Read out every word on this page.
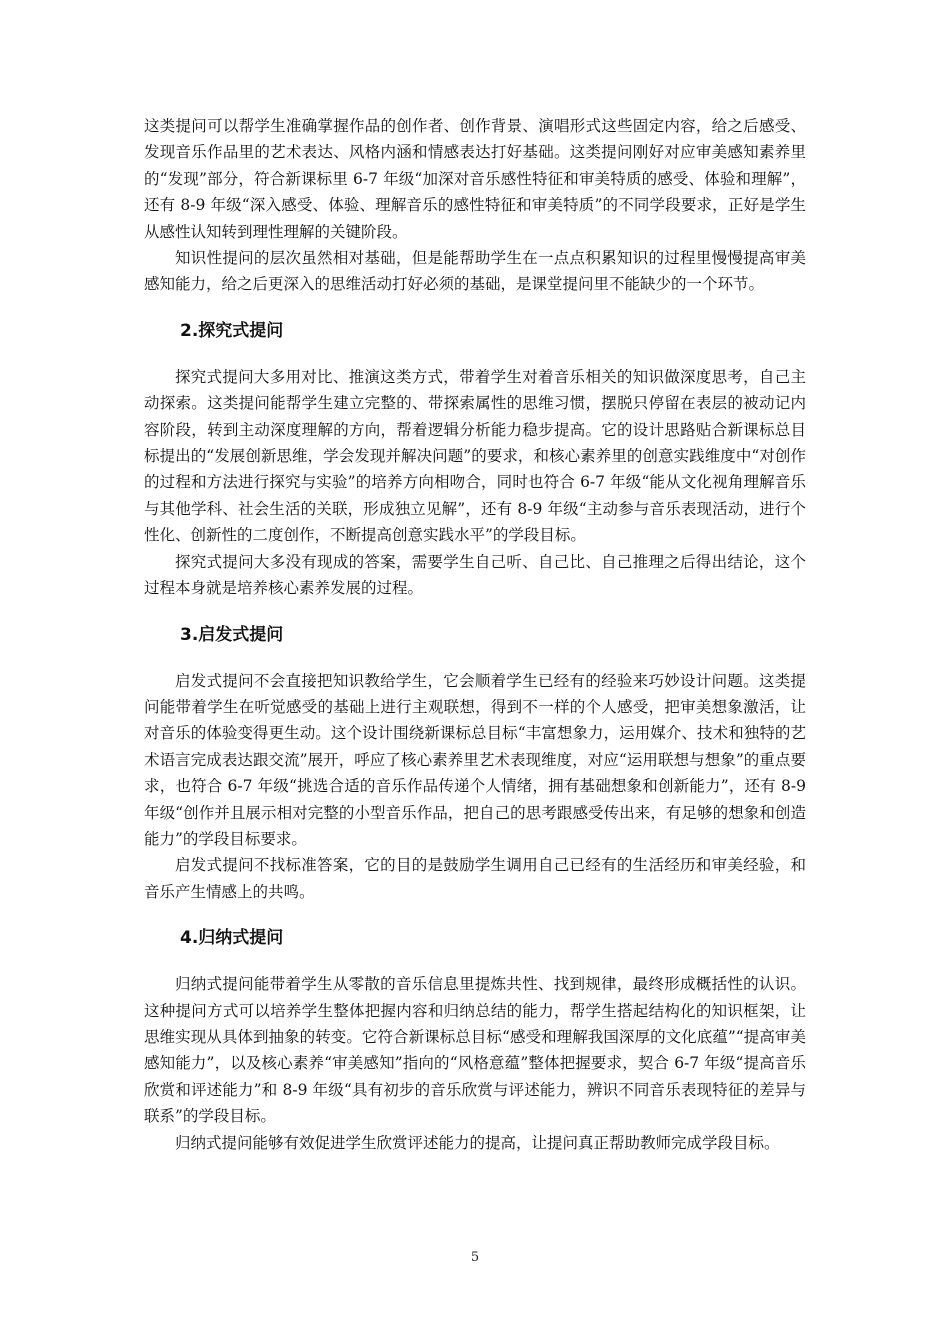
这类提问可以帮学生准确掌握作品的创作者、创作背景、演唱形式这些固定内容，给之后感受、发现音乐作品里的艺术表达、风格内涵和情感表达打好基础。这类提问刚好对应审美感知素养里的“发现”部分，符合新课标里 6-7 年级“加深对音乐感性特征和审美特质的感受、体验和理解”，还有 8-9 年级“深入感受、体验、理解音乐的感性特征和审美特质”的不同学段要求，正好是学生从感性认知转到理性理解的关键阶段。

知识性提问的层次虽然相对基础，但是能帮助学生在一点点积累知识的过程里慢慢提高审美感知能力，给之后更深入的思维活动打好必须的基础，是课堂提问里不能缺少的一个环节。

2.探究式提问

探究式提问大多用对比、推演这类方式，带着学生对着音乐相关的知识做深度思考，自己主动探索。这类提问能帮学生建立完整的、带探索属性的思维习惯，摆脱只停留在表层的被动记内容阶段，转到主动深度理解的方向，帮着逻辑分析能力稳步提高。它的设计思路贴合新课标总目标提出的“发展创新思维，学会发现并解决问题”的要求，和核心素养里的创意实践维度中“对创作的过程和方法进行探究与实验”的培养方向相吻合，同时也符合 6-7 年级“能从文化视角理解音乐与其他学科、社会生活的关联，形成独立见解”，还有 8-9 年级“主动参与音乐表现活动，进行个性化、创新性的二度创作，不断提高创意实践水平”的学段目标。

探究式提问大多没有现成的答案，需要学生自己听、自己比、自己推理之后得出结论，这个过程本身就是培养核心素养发展的过程。

3.启发式提问

启发式提问不会直接把知识教给学生，它会顺着学生已经有的经验来巧妙设计问题。这类提问能带着学生在听觉感受的基础上进行主观联想，得到不一样的个人感受，把审美想象激活，让对音乐的体验变得更生动。这个设计围绕新课标总目标“丰富想象力，运用媒介、技术和独特的艺术语言完成表达跟交流”展开，呼应了核心素养里艺术表现维度，对应“运用联想与想象”的重点要求，也符合 6-7 年级“挑选合适的音乐作品传递个人情绪，拥有基础想象和创新能力”，还有 8-9 年级“创作并且展示相对完整的小型音乐作品，把自己的思考跟感受传出来，有足够的想象和创造能力”的学段目标要求。

启发式提问不找标准答案，它的目的是鼓励学生调用自己已经有的生活经历和审美经验，和音乐产生情感上的共鸣。

4.归纳式提问

归纳式提问能带着学生从零散的音乐信息里提炼共性、找到规律，最终形成概括性的认识。这种提问方式可以培养学生整体把握内容和归纳总结的能力，帮学生搭起结构化的知识框架，让思维实现从具体到抽象的转变。它符合新课标总目标“感受和理解我国深厚的文化底蕴”“提高审美感知能力”，以及核心素养“审美感知”指向的“风格意蕴”整体把握要求，契合 6-7 年级“提高音乐欣赏和评述能力”和 8-9 年级“具有初步的音乐欣赏与评述能力，辨识不同音乐表现特征的差异与联系”的学段目标。

归纳式提问能够有效促进学生欣赏评述能力的提高，让提问真正帮助教师完成学段目标。

5
